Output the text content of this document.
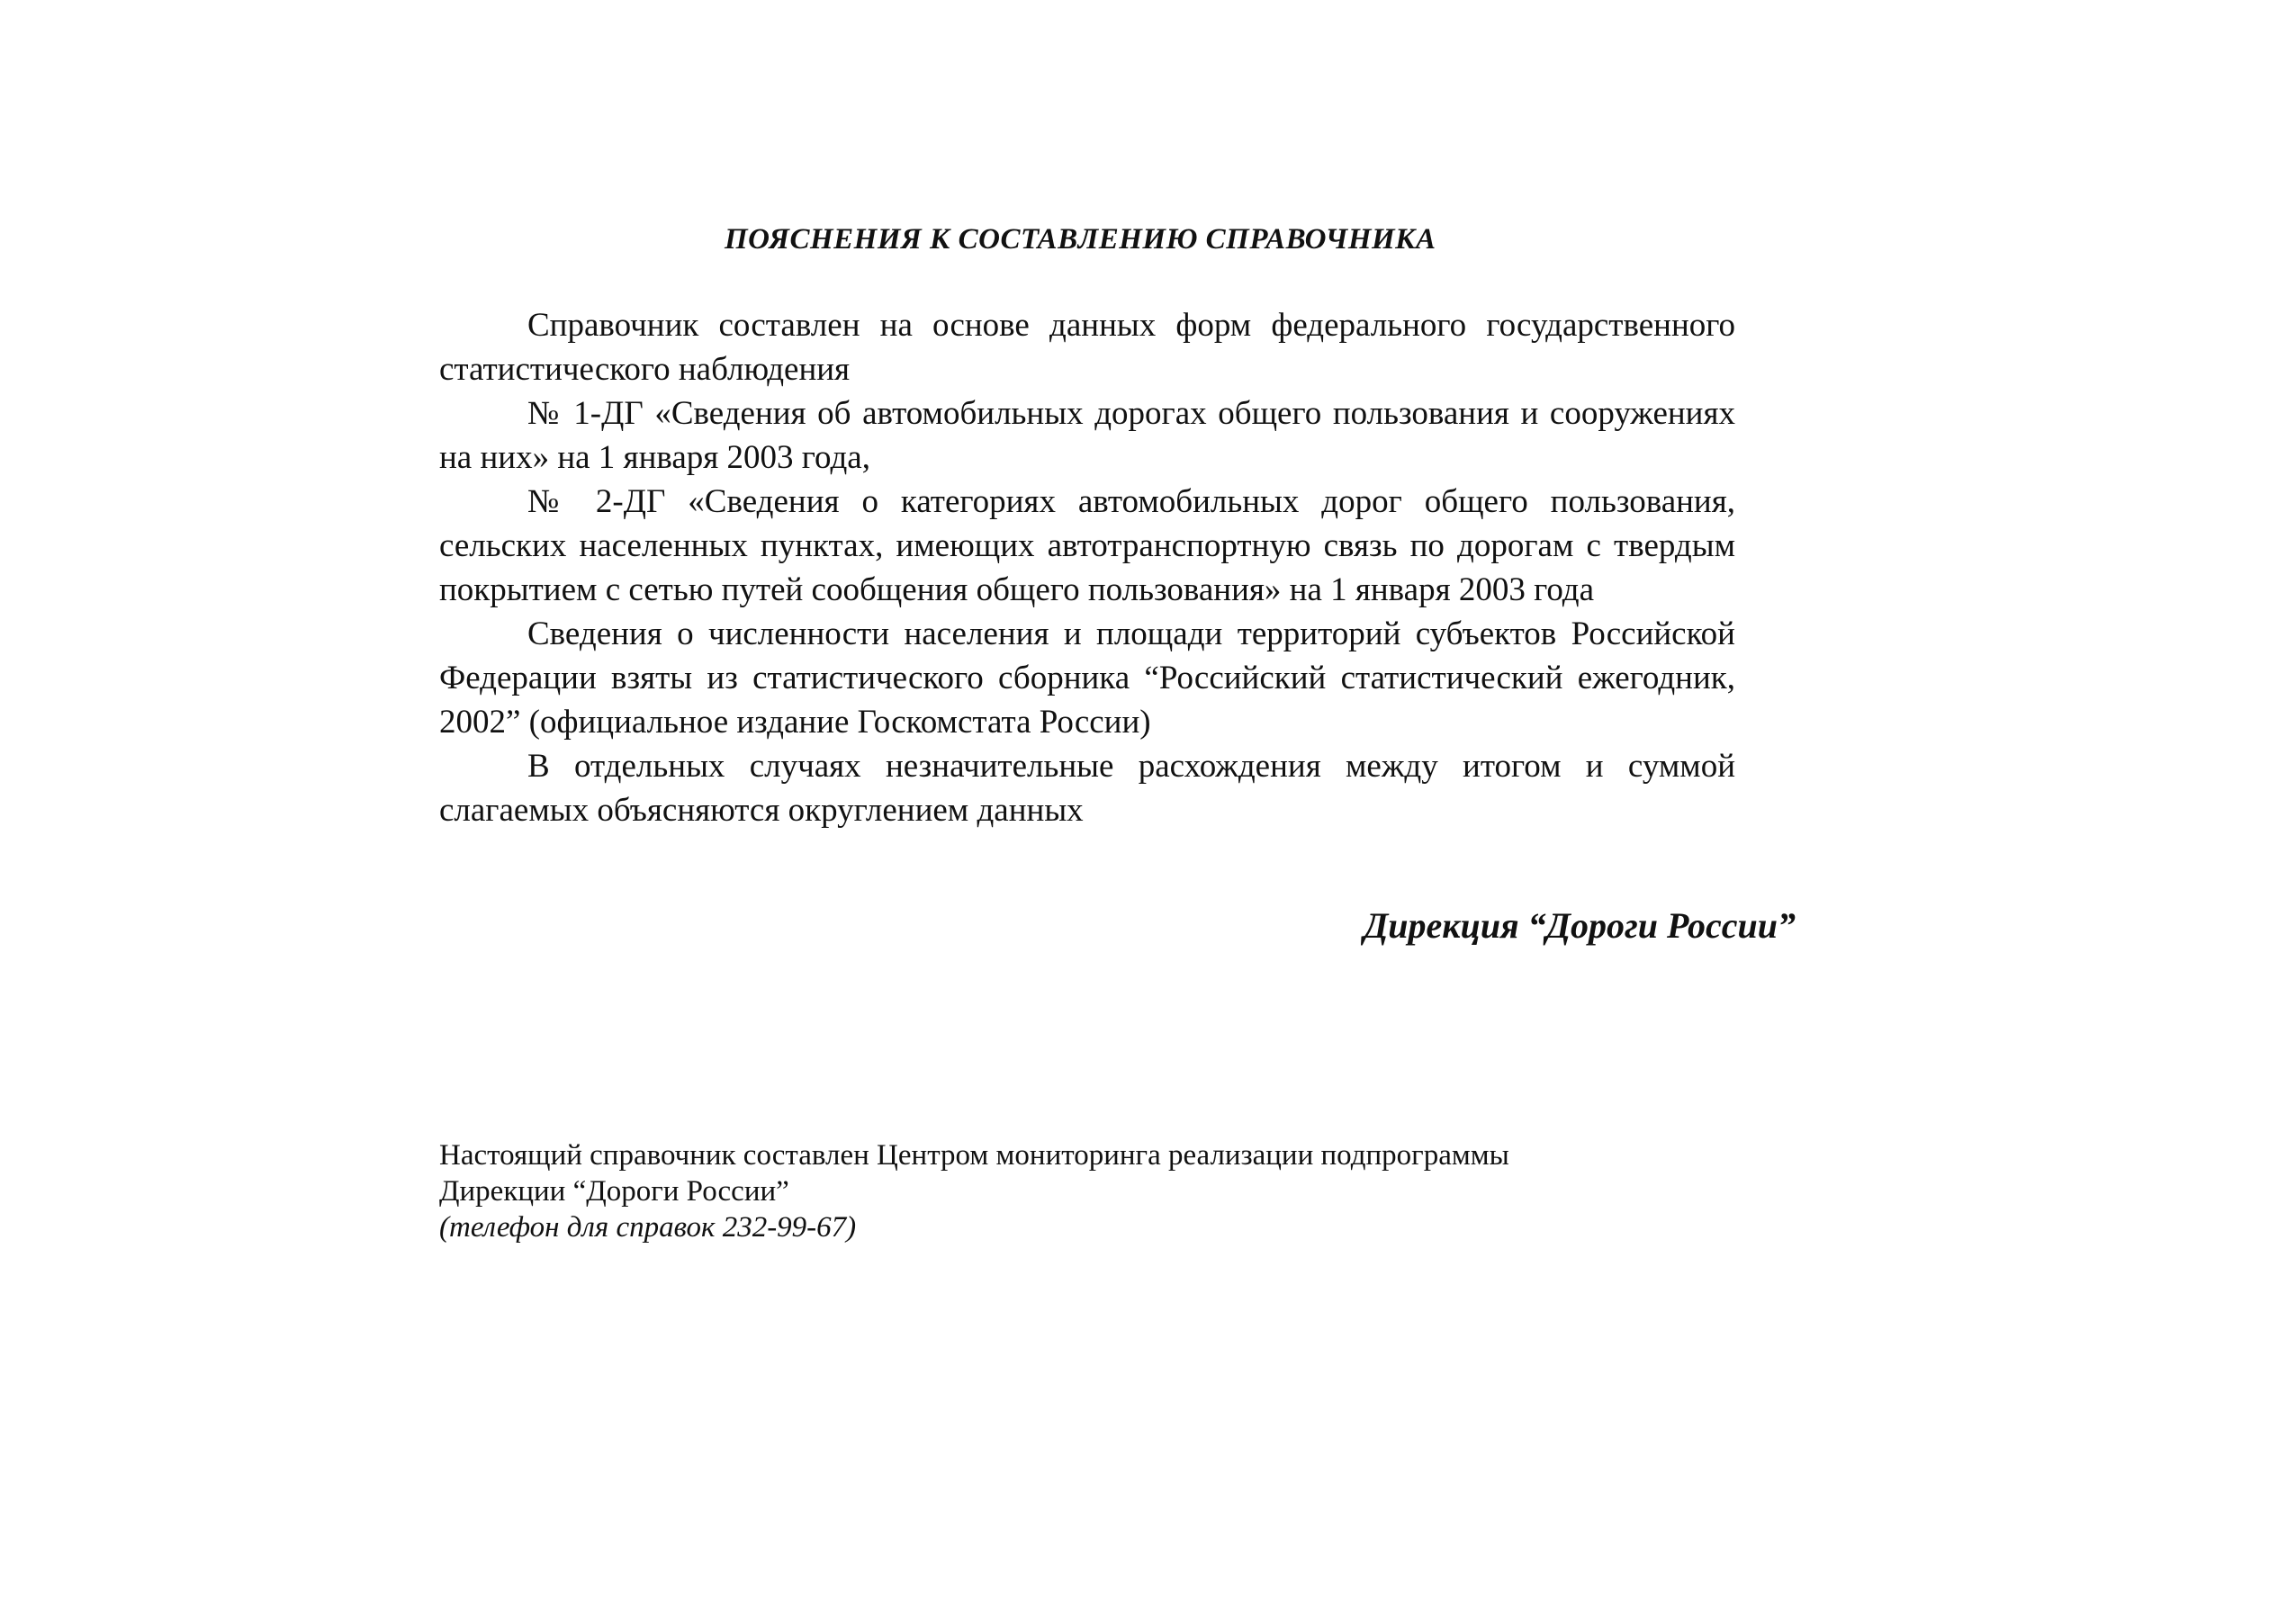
ПОЯСНЕНИЯ К СОСТАВЛЕНИЮ СПРАВОЧНИКА

Справочник составлен на основе данных форм федерального государственного статистического наблюдения

№ 1-ДГ «Сведения об автомобильных дорогах общего пользования и сооружениях на них» на 1 января 2003 года,

№ 2-ДГ «Сведения о категориях автомобильных дорог общего пользования, сельских населенных пунктах, имеющих автотранспортную связь по дорогам с твердым покрытием с сетью путей сообщения общего пользования» на 1 января 2003 года

Сведения о численности населения и площади территорий субъектов Российской Федерации взяты из статистического сборника “Российский статистический ежегодник, 2002” (официальное издание Госкомстата России)

В отдельных случаях незначительные расхождения между итогом и суммой слагаемых объясняются округлением данных

Дирекция “Дороги России”
Настоящий справочник составлен Центром мониторинга реализации подпрограммы
Дирекции “Дороги России”
(телефон для справок 232-99-67)
